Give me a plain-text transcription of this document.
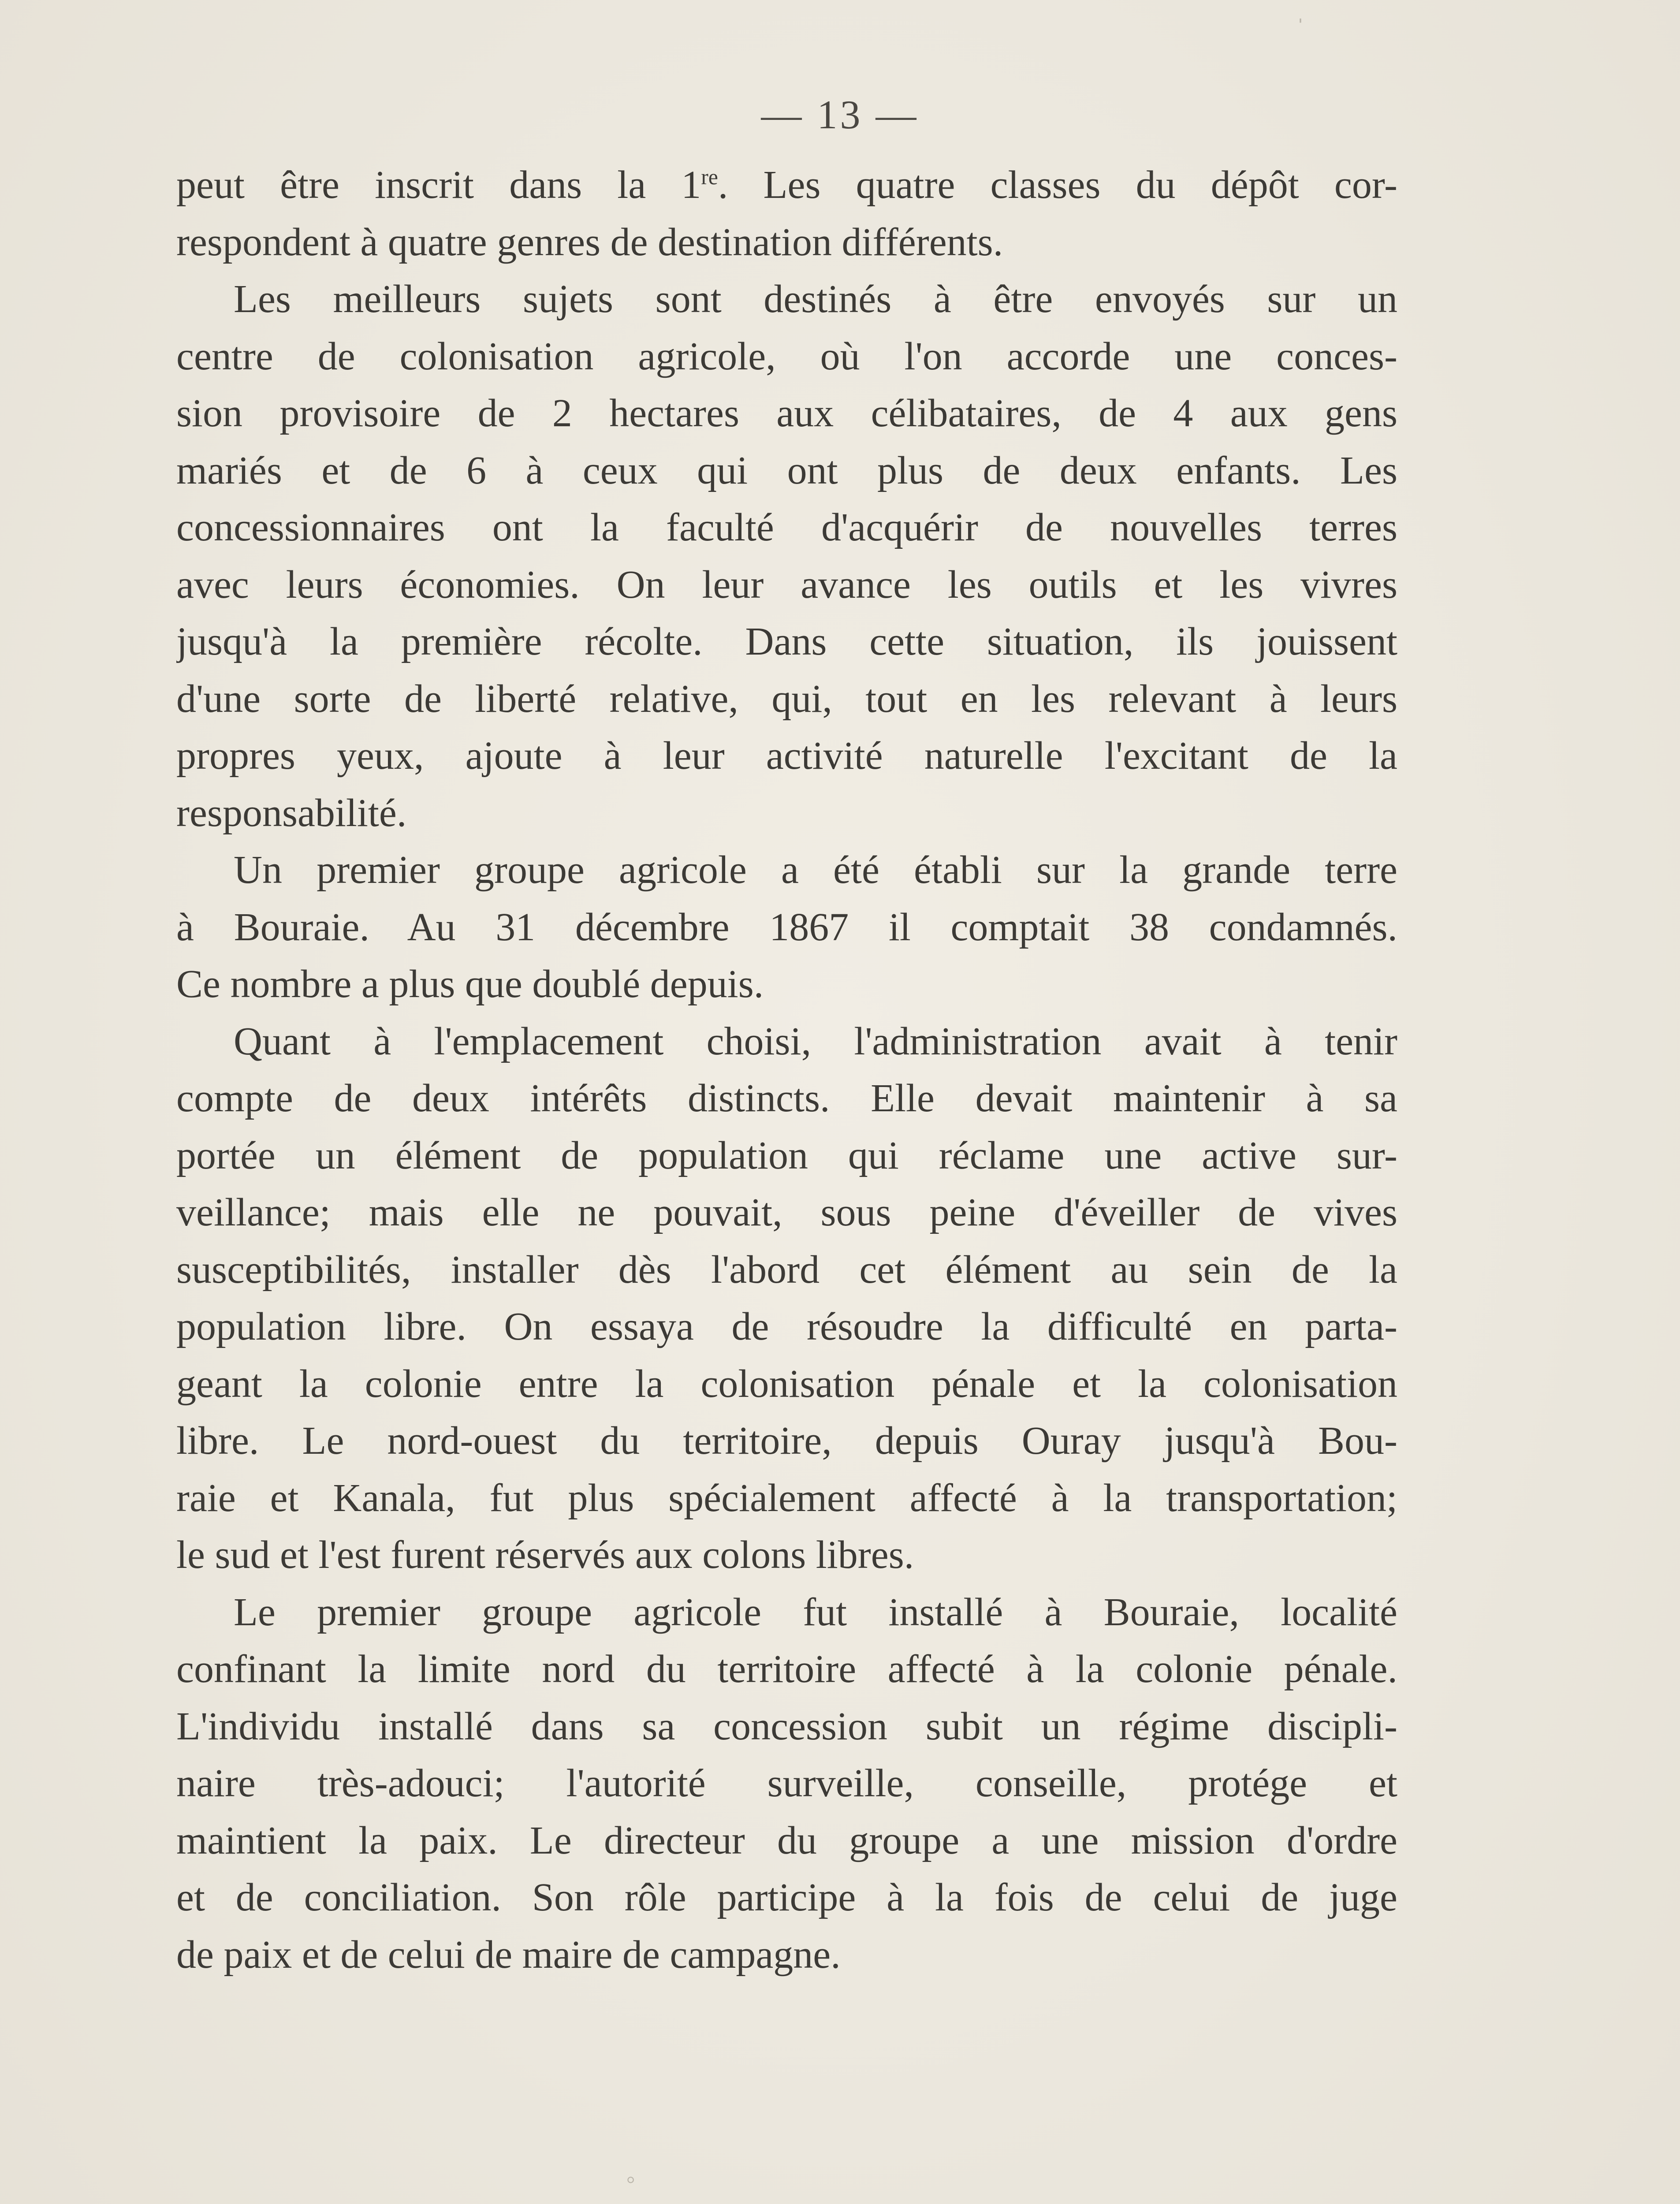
— 13 —
peut être inscrit dans la 1re. Les quatre classes du dépôt cor-
respondent à quatre genres de destination différents.
Les meilleurs sujets sont destinés à être envoyés sur un
centre de colonisation agricole, où l'on accorde une conces-
sion provisoire de 2 hectares aux célibataires, de 4 aux gens
mariés et de 6 à ceux qui ont plus de deux enfants. Les
concessionnaires ont la faculté d'acquérir de nouvelles terres
avec leurs économies. On leur avance les outils et les vivres
jusqu'à la première récolte. Dans cette situation, ils jouissent
d'une sorte de liberté relative, qui, tout en les relevant à leurs
propres yeux, ajoute à leur activité naturelle l'excitant de la
responsabilité.
Un premier groupe agricole a été établi sur la grande terre
à Bouraie. Au 31 décembre 1867 il comptait 38 condamnés.
Ce nombre a plus que doublé depuis.
Quant à l'emplacement choisi, l'administration avait à tenir
compte de deux intérêts distincts. Elle devait maintenir à sa
portée un élément de population qui réclame une active sur-
veillance; mais elle ne pouvait, sous peine d'éveiller de vives
susceptibilités, installer dès l'abord cet élément au sein de la
population libre. On essaya de résoudre la difficulté en parta-
geant la colonie entre la colonisation pénale et la colonisation
libre. Le nord-ouest du territoire, depuis Ouray jusqu'à Bou-
raie et Kanala, fut plus spécialement affecté à la transportation;
le sud et l'est furent réservés aux colons libres.
Le premier groupe agricole fut installé à Bouraie, localité
confinant la limite nord du territoire affecté à la colonie pénale.
L'individu installé dans sa concession subit un régime discipli-
naire très-adouci; l'autorité surveille, conseille, protége et
maintient la paix. Le directeur du groupe a une mission d'ordre
et de conciliation. Son rôle participe à la fois de celui de juge
de paix et de celui de maire de campagne.
ˈ
◦
